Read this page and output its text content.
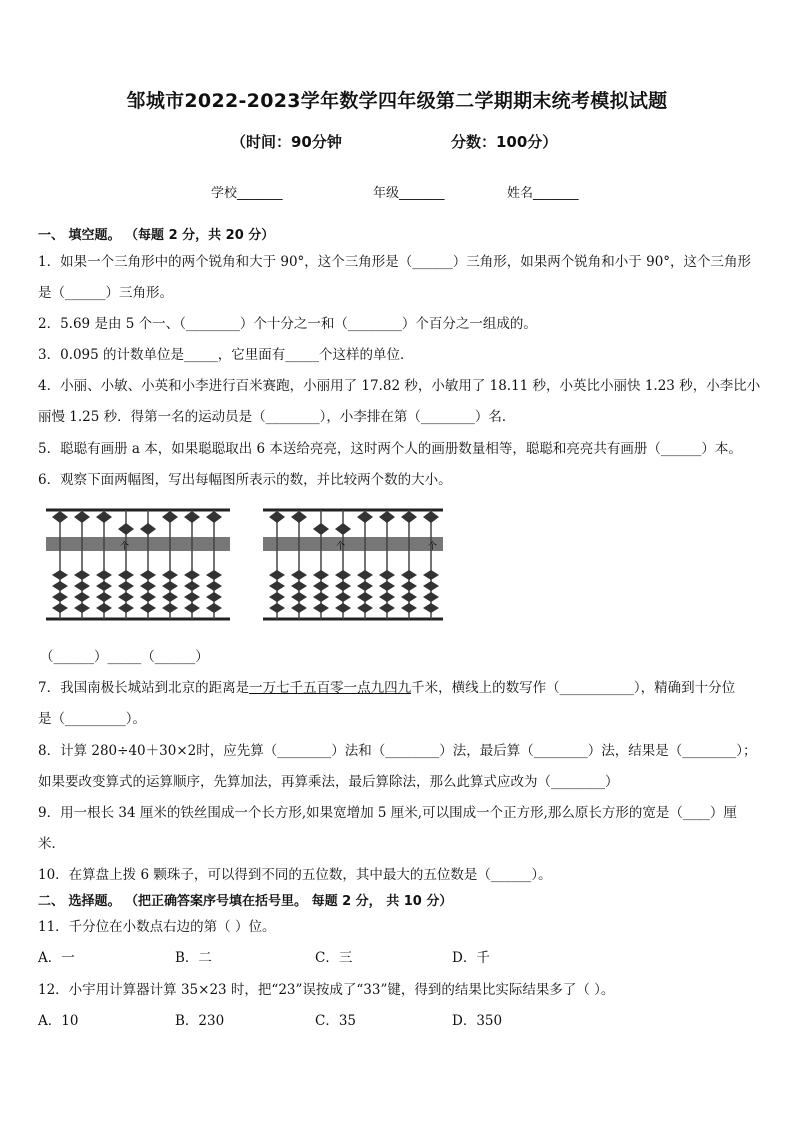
邹城市2022-2023学年数学四年级第二学期期末统考模拟试题
（时间：90分钟	分数：100分）
学校_______	年级_______	姓名_______
一、 填空题。 （每题 2 分，共 20 分）
1．如果一个三角形中的两个锐角和大于 90°，这个三角形是（______）三角形，如果两个锐角和小于 90°，这个三角形
是（______）三角形。
2．5.69 是由 5 个一、（________）个十分之一和（________）个百分之一组成的。
3．0.095 的计数单位是_____，它里面有_____个这样的单位．
4．小丽、小敏、小英和小李进行百米赛跑，小丽用了 17.82 秒，小敏用了 18.11 秒，小英比小丽快 1.23 秒，小李比小
丽慢 1.25 秒．得第一名的运动员是（________），小李排在第（________）名．
5．聪聪有画册 a 本，如果聪聪取出 6 本送给亮亮，这时两个人的画册数量相等，聪聪和亮亮共有画册（______）本。
6．观察下面两幅图，写出每幅图所表示的数，并比较两个数的大小。
个	个	个
（______）_____（______）
7．我国南极长城站到北京的距离是一万七千五百零一点九四九千米，横线上的数写作（___________），精确到十分位
是（_________）。
8．计算 280÷40＋30×2时，应先算（________）法和（________）法，最后算（________）法，结果是（________）；
如果要改变算式的运算顺序，先算加法，再算乘法，最后算除法，那么此算式应改为（________）
9．用一根长 34 厘米的铁丝围成一个长方形,如果宽增加 5 厘米,可以围成一个正方形,那么原长方形的宽是（____）厘
米．
10．在算盘上拨 6 颗珠子，可以得到不同的五位数，其中最大的五位数是（______）。
二、 选择题。 （把正确答案序号填在括号里。 每题 2 分， 共 10 分）
11．千分位在小数点右边的第（ ）位。
A．一	B．二	C．三	D．千
12．小宇用计算器计算 35×23 时，把“23”误按成了“33”键，得到的结果比实际结果多了（ ）。
A．10	B．230	C．35	D．350
